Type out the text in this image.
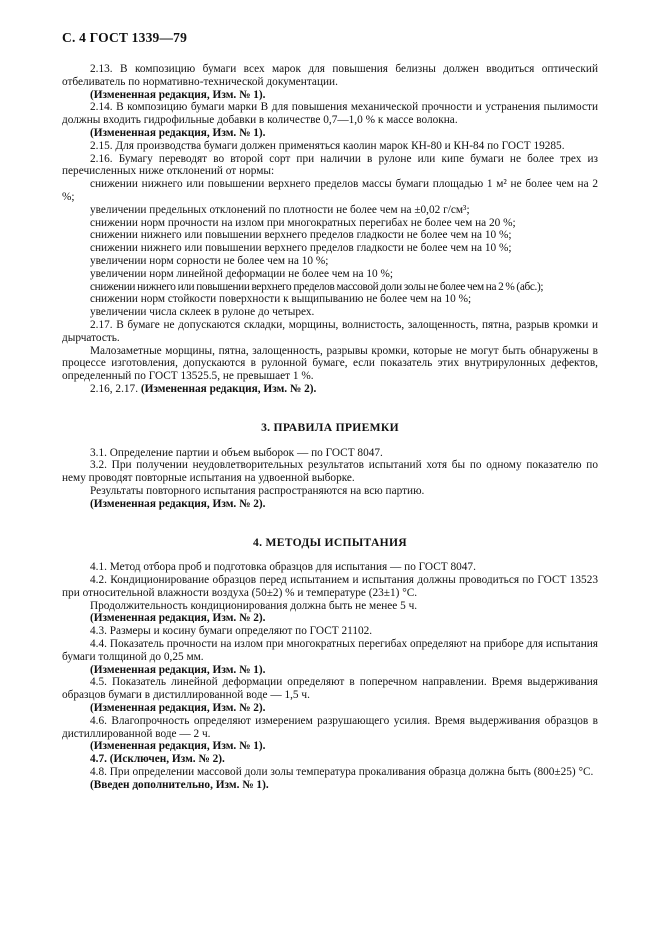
С. 4 ГОСТ 1339—79

2.13. В композицию бумаги всех марок для повышения белизны должен вводиться оптический отбеливатель по нормативно-технической документации.

(Измененная редакция, Изм. № 1).

2.14. В композицию бумаги марки В для повышения механической прочности и устранения пылимости должны входить гидрофильные добавки в количестве 0,7—1,0 % к массе волокна.

(Измененная редакция, Изм. № 1).

2.15. Для производства бумаги должен применяться каолин марок КН-80 и КН-84 по ГОСТ 19285.

2.16. Бумагу переводят во второй сорт при наличии в рулоне или кипе бумаги не более трех из перечисленных ниже отклонений от нормы:

снижении нижнего или повышении верхнего пределов массы бумаги площадью 1 м² не более чем на 2 %;

увеличении предельных отклонений по плотности не более чем на ±0,02 г/см³;

снижении норм прочности на излом при многократных перегибах не более чем на 20 %;

снижении нижнего или повышении верхнего пределов гладкости не более чем на 10 %;

снижении нижнего или повышении верхнего пределов гладкости не более чем на 10 %;

увеличении норм сорности не более чем на 10 %;

увеличении норм линейной деформации не более чем на 10 %;

снижении нижнего или повышении верхнего пределов массовой доли золы не более чем на 2 % (абс.);

снижении норм стойкости поверхности к выщипыванию не более чем на 10 %;

увеличении числа склеек в рулоне до четырех.

2.17. В бумаге не допускаются складки, морщины, волнистость, залощенность, пятна, разрыв кромки и дырчатость.

Малозаметные морщины, пятна, залощенность, разрывы кромки, которые не могут быть обнаружены в процессе изготовления, допускаются в рулонной бумаге, если показатель этих внутрирулонных дефектов, определенный по ГОСТ 13525.5, не превышает 1 %.

2.16, 2.17. (Измененная редакция, Изм. № 2).

3. ПРАВИЛА ПРИЕМКИ

3.1. Определение партии и объем выборок — по ГОСТ 8047.

3.2. При получении неудовлетворительных результатов испытаний хотя бы по одному показателю по нему проводят повторные испытания на удвоенной выборке.

Результаты повторного испытания распространяются на всю партию.

(Измененная редакция, Изм. № 2).

4. МЕТОДЫ ИСПЫТАНИЯ

4.1. Метод отбора проб и подготовка образцов для испытания — по ГОСТ 8047.

4.2. Кондиционирование образцов перед испытанием и испытания должны проводиться по ГОСТ 13523 при относительной влажности воздуха (50±2) % и температуре (23±1) °С.

Продолжительность кондиционирования должна быть не менее 5 ч.

(Измененная редакция, Изм. № 2).

4.3. Размеры и косину бумаги определяют по ГОСТ 21102.

4.4. Показатель прочности на излом при многократных перегибах определяют на приборе для испытания бумаги толщиной до 0,25 мм.

(Измененная редакция, Изм. № 1).

4.5. Показатель линейной деформации определяют в поперечном направлении. Время выдерживания образцов бумаги в дистиллированной воде — 1,5 ч.

(Измененная редакция, Изм. № 2).

4.6. Влагопрочность определяют измерением разрушающего усилия. Время выдерживания образцов в дистиллированной воде — 2 ч.

(Измененная редакция, Изм. № 1).

4.7. (Исключен, Изм. № 2).

4.8. При определении массовой доли золы температура прокаливания образца должна быть (800±25) °С.

(Введен дополнительно, Изм. № 1).
